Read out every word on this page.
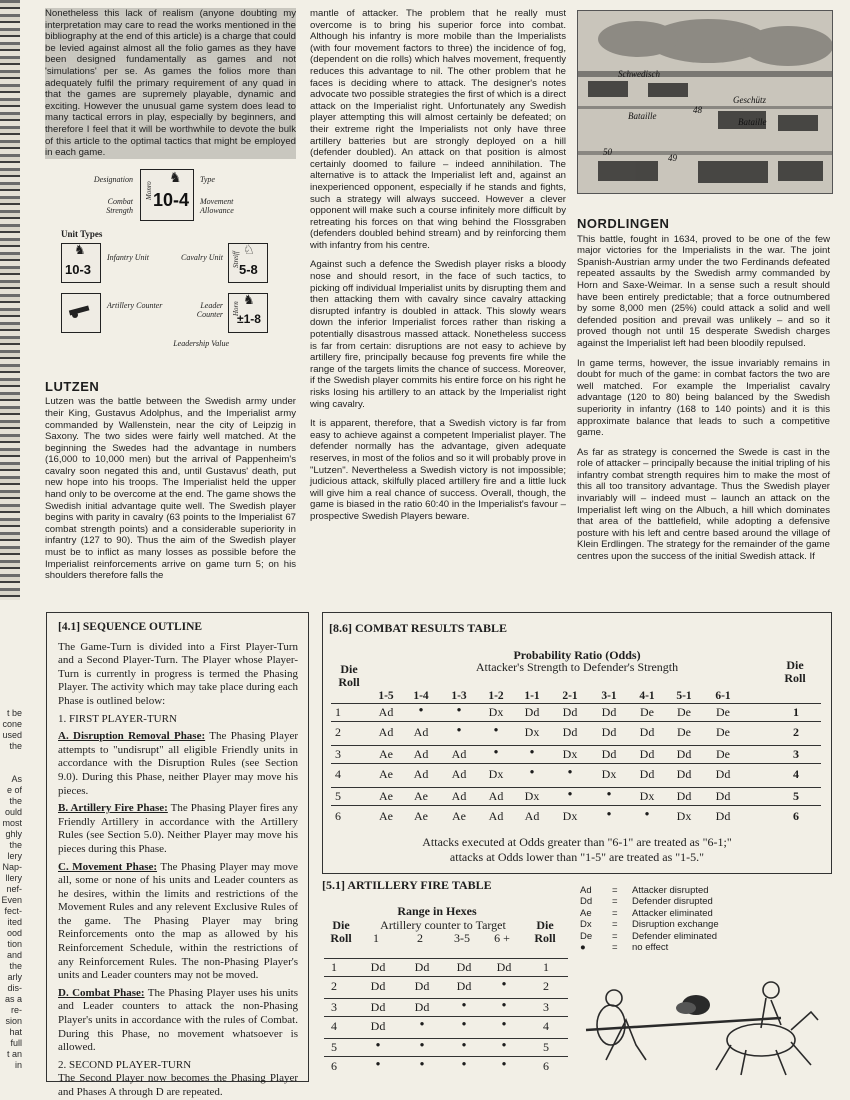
t be
cone
used
the

As
e of
the
ould
most
ghly
the
lery
Nap-
llery
nef-
Even
fect-
ited
ood
tion
and
the
arly
dis-
as a
re-
sion
hat
full
t an
in

Nonetheless this lack of realism (anyone doubting my interpretation may care to read the works mentioned in the bibliography at the end of this article) is a charge that could be levied against almost all the folio games as they have been designed fundamentally as games and not 'simulations' per se. As games the folios more than adequately fulfil the primary requirement of any quad in that the games are supremely playable, dynamic and exciting. However the unusual game system does lead to many tactical errors in play, especially by beginners, and therefore I feel that it will be worthwhile to devote the bulk of this article to the optimal tactics that might be employed in each game.

Designation	Type
Combat Strength
Movement Allowance
Monro
♞
10-4
Unit Types
♞
10-3
Infantry Unit	Streiff
♘
5-8
Cavalry Unit
Artillery Counter	Horn
♞
±1-8
Leader Counter
Leadership Value
LUTZEN

Lutzen was the battle between the Swedish army under their King, Gustavus Adolphus, and the Imperialist army commanded by Wallenstein, near the city of Leipzig in Saxony. The two sides were fairly well matched. At the beginning the Swedes had the advantage in numbers (16,000 to 10,000 men) but the arrival of Pappenheim's cavalry soon negated this and, until Gustavus' death, put new hope into his troops. The Imperialist held the upper hand only to be overcome at the end. The game shows the Swedish initial advantage quite well. The Swedish player begins with parity in cavalry (63 points to the Imperialist 67 combat strength points) and a considerable superiority in infantry (127 to 90). Thus the aim of the Swedish player must be to inflict as many losses as possible before the Imperialist reinforcements arrive on game turn 5; on his shoulders therefore falls the

mantle of attacker. The problem that he really must overcome is to bring his superior force into combat. Although his infantry is more mobile than the Imperialists (with four movement factors to three) the incidence of fog, (dependent on die rolls) which halves movement, frequently reduces this advantage to nil. The other problem that he faces is deciding where to attack. The designer's notes advocate two possible strategies the first of which is a direct attack on the Imperialist right. Unfortunately any Swedish player attempting this will almost certainly be defeated; on their extreme right the Imperialists not only have three artillery batteries but are strongly deployed on a hill (defender doubled). An attack on that position is almost certainly doomed to failure – indeed annihilation. The alternative is to attack the Imperialist left and, against an inexperienced opponent, especially if he stands and fights, such a strategy will always succeed. However a clever opponent will make such a course infinitely more difficult by retreating his forces on that wing behind the Flossgraben (defenders doubled behind stream) and by reinforcing them with infantry from his centre.

Against such a defence the Swedish player risks a bloody nose and should resort, in the face of such tactics, to picking off individual Imperialist units by disrupting them and then attacking them with cavalry since cavalry attacking disrupted infantry is doubled in attack. This slowly wears down the inferior Imperialist forces rather than risking a potentially disastrous massed attack. Nonetheless success is far from certain: disruptions are not easy to achieve by artillery fire, principally because fog prevents fire while the range of the targets limits the chance of success. Moreover, if the Swedish player commits his entire force on his right he risks losing his artillery to an attack by the Imperialist right wing cavalry.

It is apparent, therefore, that a Swedish victory is far from easy to achieve against a competent Imperialist player. The defender normally has the advantage, given adequate reserves, in most of the folios and so it will probably prove in "Lutzen". Nevertheless a Swedish victory is not impossible; judicious attack, skilfully placed artillery fire and a little luck will give him a real chance of success. Overall, though, the game is biased in the ratio 60:40 in the Imperialist's favour – prospective Swedish Players beware.

Schwedisch
Geschütz
Bataille
Bataille
48
49
50
NORDLINGEN

This battle, fought in 1634, proved to be one of the few major victories for the Imperialists in the war. The joint Spanish-Austrian army under the two Ferdinands defeated repeated assaults by the Swedish army commanded by Horn and Saxe-Weimar. In a sense such a result should have been entirely predictable; that a force outnumbered by some 8,000 men (25%) could attack a solid and well defended position and prevail was unlikely – and so it proved though not until 15 desperate Swedish charges against the Imperialist left had been bloodily repulsed.

In game terms, however, the issue invariably remains in doubt for much of the game: in combat factors the two are well matched. For example the Imperialist cavalry advantage (120 to 80) being balanced by the Swedish superiority in infantry (168 to 140 points) and it is this approximate balance that leads to such a competitive game.

As far as strategy is concerned the Swede is cast in the role of attacker – principally because the initial tripling of his infantry combat strength requires him to make the most of this all too transitory advantage. Thus the Swedish player invariably will – indeed must – launch an attack on the Imperialist left wing on the Albuch, a hill which dominates that area of the battlefield, while adopting a defensive posture with his left and centre based around the village of Klein Erdlingen. The strategy for the remainder of the game centres upon the success of the initial Swedish attack. If

[4.1] SEQUENCE OUTLINE

The Game-Turn is divided into a First Player-Turn and a Second Player-Turn. The Player whose Player-Turn is currently in progress is termed the Phasing Player. The activity which may take place during each Phase is outlined below:

1. FIRST PLAYER-TURN

A. Disruption Removal Phase: The Phasing Player attempts to "undisrupt" all eligible Friendly units in accordance with the Disruption Rules (see Section 9.0). During this Phase, neither Player may move his pieces.

B. Artillery Fire Phase: The Phasing Player fires any Friendly Artillery in accordance with the Artillery Rules (see Section 5.0). Neither Player may move his pieces during this Phase.

C. Movement Phase: The Phasing Player may move all, some or none of his units and Leader counters as he desires, within the limits and restrictions of the Movement Rules and any relevent Exclusive Rules of the game. The Phasing Player may bring Reinforcements onto the map as allowed by his Reinforcement Schedule, within the restrictions of any Reinforcement Rules. The non-Phasing Player's units and Leader counters may not be moved.

D. Combat Phase: The Phasing Player uses his units and Leader counters to attack the non-Phasing Player's units in accordance with the rules of Combat. During this Phase, no movement whatsoever is allowed.

2. SECOND PLAYER-TURN

The Second Player now becomes the Phasing Player and Phases A through D are repeated.

[8.6] COMBAT RESULTS TABLE
Probability Ratio (Odds)
Attacker's Strength to Defender's Strength
Die
Roll
Die
Roll
1-5	1-4	1-3	1-2	1-1	2-1	3-1	4-1	5-1	6-1
1	Ad	●	●	Dx	Dd	Dd	Dd	De	De	De	1
2	Ad	Ad	●	●	Dx	Dd	Dd	Dd	De	De	2
3	Ae	Ad	Ad	●	●	Dx	Dd	Dd	Dd	De	3
4	Ae	Ad	Ad	Dx	●	●	Dx	Dd	Dd	Dd	4
5	Ae	Ae	Ad	Ad	Dx	●	●	Dx	Dd	Dd	5
6	Ae	Ae	Ae	Ad	Ad	Dx	●	●	Dx	Dd	6
Attacks executed at Odds greater than "6-1" are treated as "6-1;"
attacks at Odds lower than "1-5" are treated as "1-5."
[5.1] ARTILLERY FIRE TABLE
Range in Hexes
Die
Roll
Artillery counter to Target	Die
Roll
1	2	3-5	6 +
1	Dd	Dd	Dd	Dd	1
2	Dd	Dd	Dd	●	2
3	Dd	Dd	●	●	3
4	Dd	●	●	●	4
5	●	●	●	●	5
6	●	●	●	●	6
Ad	=	Attacker disrupted
Dd	=	Defender disrupted
Ae	=	Attacker eliminated
Dx	=	Disruption exchange
De	=	Defender eliminated
●	=	no effect
